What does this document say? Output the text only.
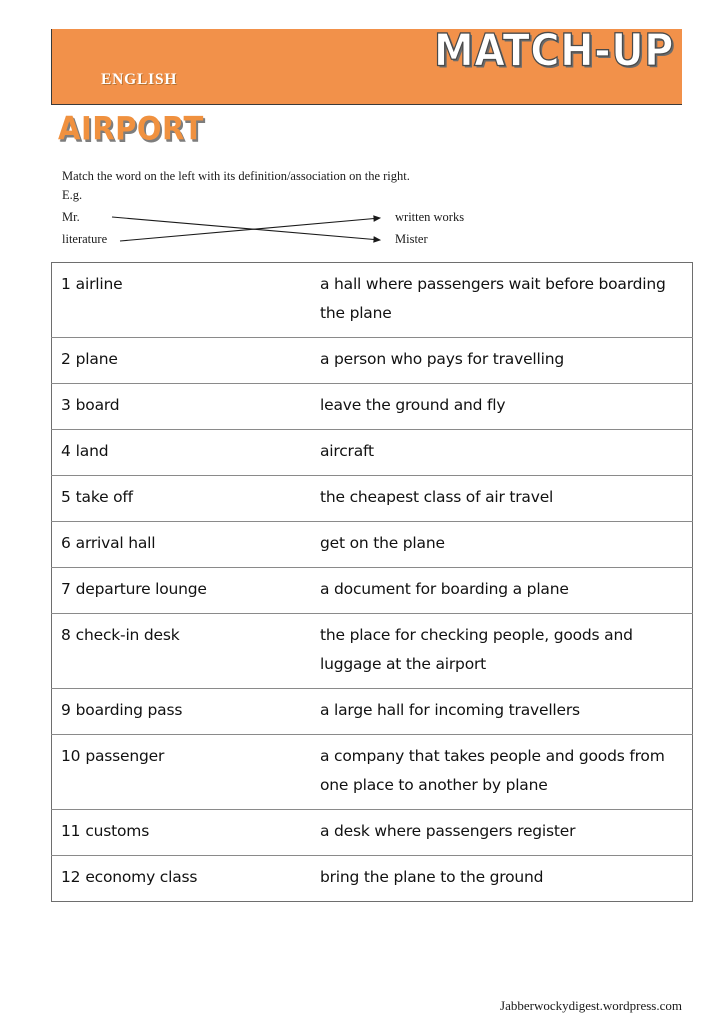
MATCH-UP
ENGLISH
AIRPORT
Match the word on the left with its definition/association on the right.
E.g.
Mr.
literature
written works
Mister
1 airline	a hall where passengers wait before boarding the plane
2 plane	a person who pays for travelling
3 board	leave the ground and fly
4 land	aircraft
5 take off	the cheapest class of air travel
6 arrival hall	get on the plane
7 departure lounge	a document for boarding a plane
8 check-in desk	the place for checking people, goods and luggage at the airport
9 boarding pass	a large hall for incoming travellers
10 passenger	a company that takes people and goods from one place to another by plane
11 customs	a desk where passengers register
12 economy class	bring the plane to the ground
Jabberwockydigest.wordpress.com
